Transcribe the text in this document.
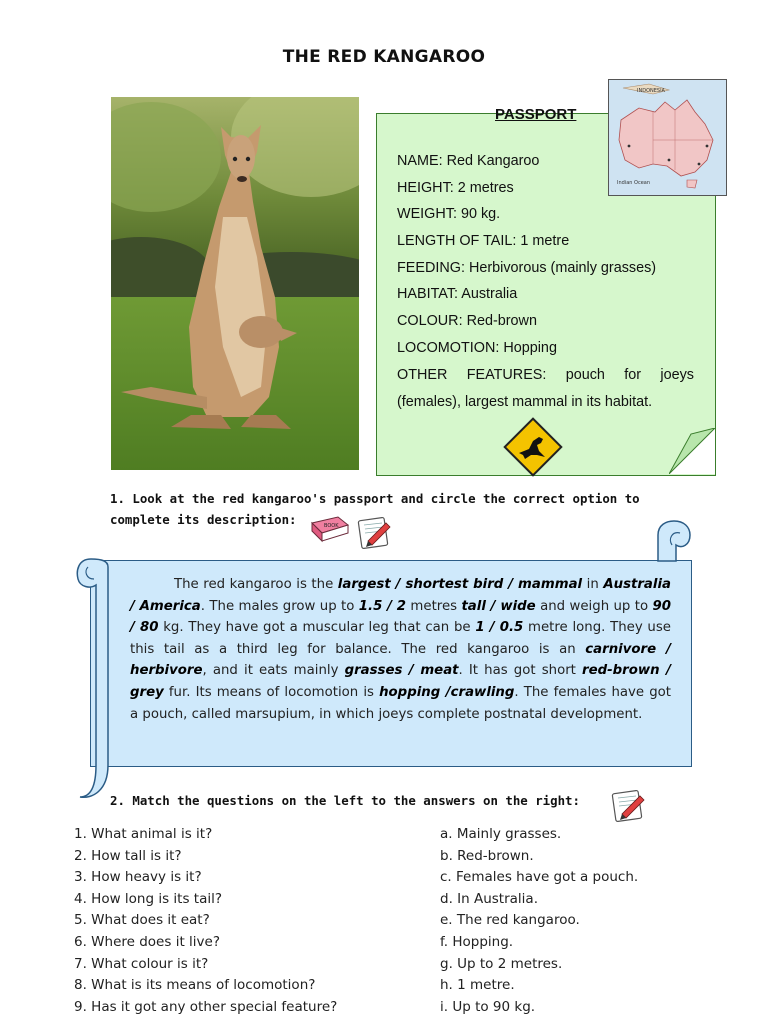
THE RED KANGAROO
PASSPORT
NAME: Red Kangaroo
HEIGHT: 2 metres
WEIGHT: 90 kg.
LENGTH OF TAIL: 1 metre
FEEDING: Herbivorous (mainly grasses)
HABITAT: Australia
COLOUR: Red-brown
LOCOMOTION: Hopping
OTHER FEATURES: pouch for joeys
(females), largest mammal in its habitat.
INDONESIA
Indian Ocean
1. Look at the red kangaroo's passport and circle the correct option to
complete its description:	BOOK
The red kangaroo is the largest / shortest bird / mammal in Australia / America. The males grow up to 1.5 / 2 metres tall / wide and weigh up to 90 / 80 kg. They have got a muscular leg that can be 1 / 0.5 metre long. They use this tail as a third leg for balance. The red kangaroo is an carnivore / herbivore, and it eats mainly grasses / meat. It has got short red-brown / grey fur. Its means of locomotion is hopping /crawling. The females have got a pouch, called marsupium, in which joeys complete postnatal development.
2. Match the questions on the left to the answers on the right:
1. What animal is it?
2. How tall is it?
3. How heavy is it?
4. How long is its tail?
5. What does it eat?
6. Where does it live?
7. What colour is it?
8. What is its means of locomotion?
9. Has it got any other special feature?
a. Mainly grasses.
b. Red-brown.
c. Females have got a pouch.
d. In Australia.
e. The red kangaroo.
f. Hopping.
g. Up to 2 metres.
h. 1 metre.
i. Up to 90 kg.
